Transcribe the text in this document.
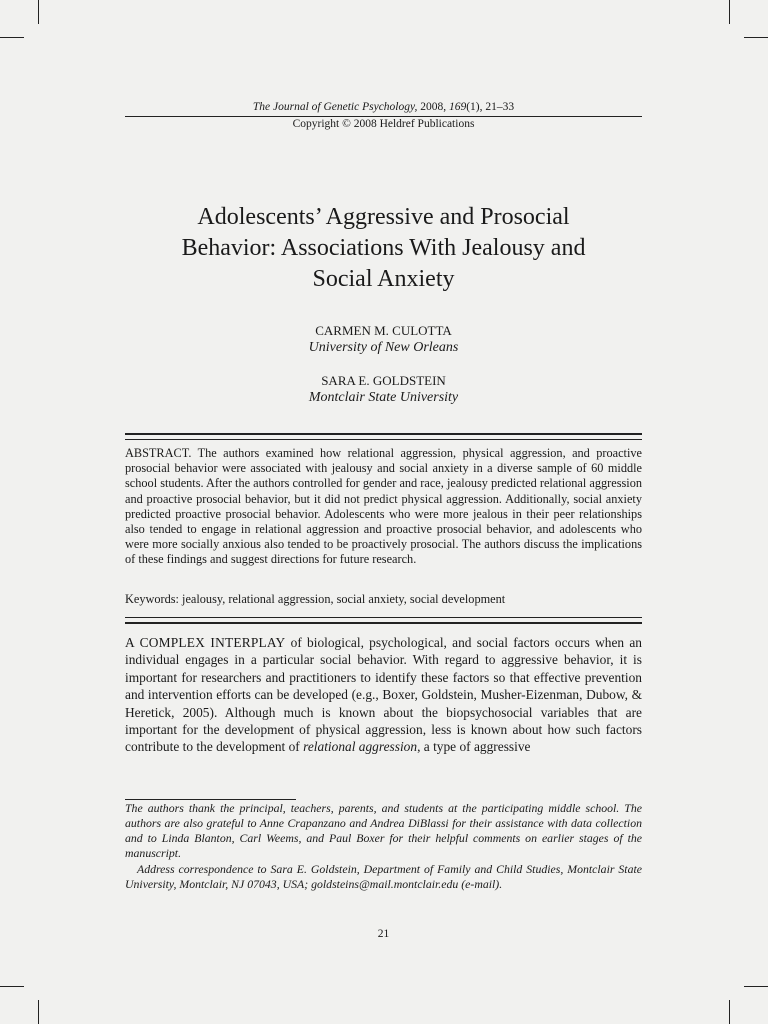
The Journal of Genetic Psychology, 2008, 169(1), 21–33
Copyright © 2008 Heldref Publications
Adolescents’ Aggressive and Prosocial
Behavior: Associations With Jealousy and
Social Anxiety
CARMEN M. CULOTTA
University of New Orleans
SARA E. GOLDSTEIN
Montclair State University

ABSTRACT. The authors examined how relational aggression, physical aggression, and proactive prosocial behavior were associated with jealousy and social anxiety in a diverse sample of 60 middle school students. After the authors controlled for gender and race, jealousy predicted relational aggression and proactive prosocial behavior, but it did not predict physical aggression. Additionally, social anxiety predicted proactive prosocial behavior. Adolescents who were more jealous in their peer relationships also tended to engage in relational aggression and proactive prosocial behavior, and adolescents who were more socially anxious also tended to be proactively prosocial. The authors discuss the implications of these findings and suggest directions for future research.

Keywords: jealousy, relational aggression, social anxiety, social development

A COMPLEX INTERPLAY of biological, psychological, and social factors occurs when an individual engages in a particular social behavior. With regard to aggressive behavior, it is important for researchers and practitioners to identify these factors so that effective prevention and intervention efforts can be developed (e.g., Boxer, Goldstein, Musher-Eizenman, Dubow, & Heretick, 2005). Although much is known about the biopsychosocial variables that are important for the development of physical aggression, less is known about how such factors contribute to the development of relational aggression, a type of aggressive

The authors thank the principal, teachers, parents, and students at the participating middle school. The authors are also grateful to Anne Crapanzano and Andrea DiBlassi for their assistance with data collection and to Linda Blanton, Carl Weems, and Paul Boxer for their helpful comments on earlier stages of the manuscript.

Address correspondence to Sara E. Goldstein, Department of Family and Child Studies, Montclair State University, Montclair, NJ 07043, USA; goldsteins@mail.montclair.edu (e-mail).

21
